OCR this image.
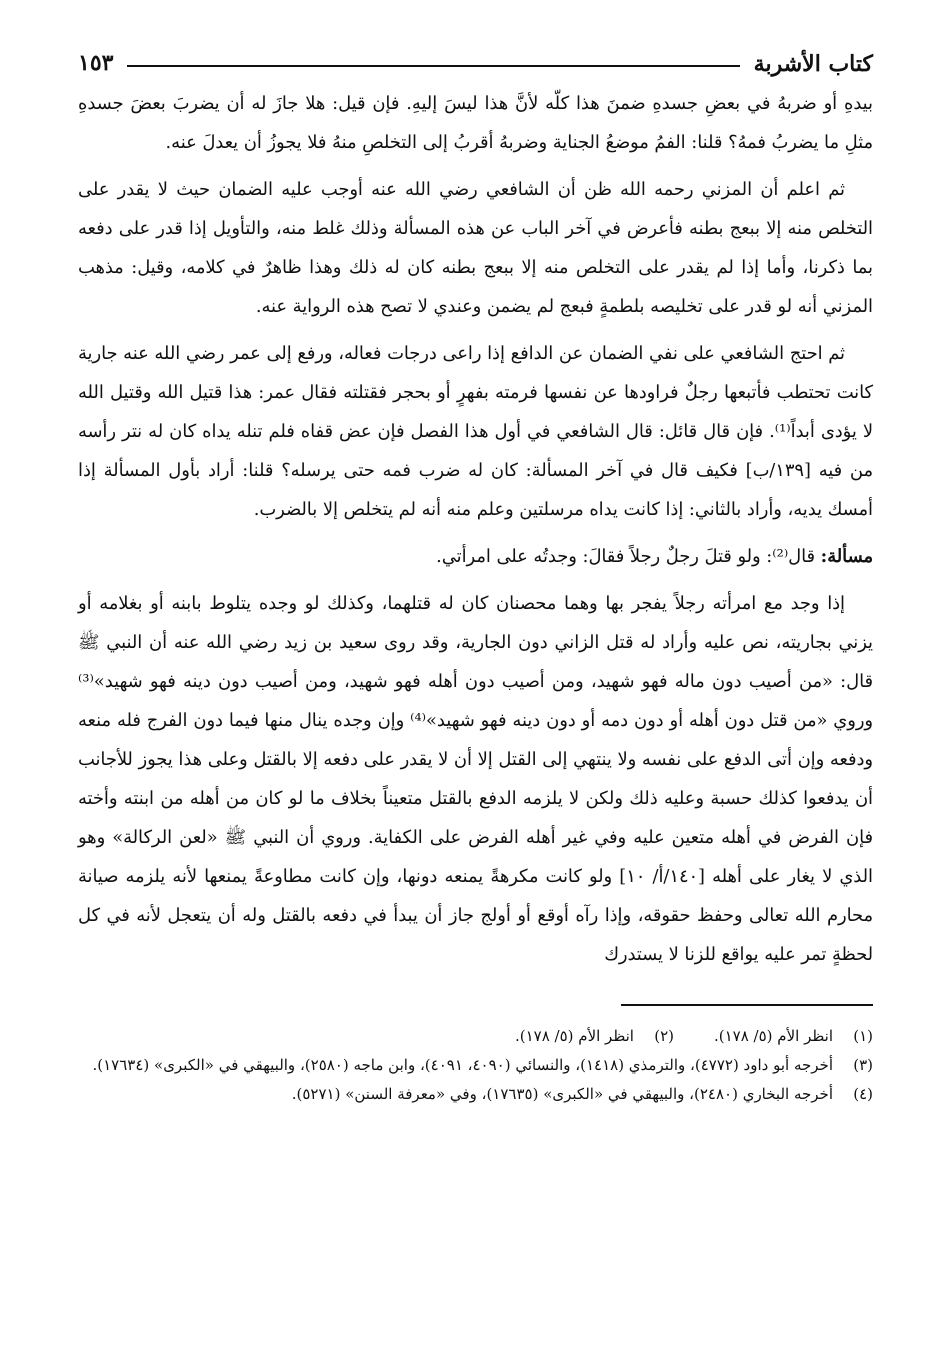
كتاب الأشربة
١٥٣

بيدهِ أو ضربهُ في بعضِ جسدهِ ضمنَ هذا كلّه لأنَّ هذا ليسَ إليهِ. فإن قيل: هلا جازَ له أن يضربَ بعضَ جسدهِ مثلِ ما يضربُ فمهُ؟ قلنا: الفمُ موضعُ الجناية وضربهُ أقربُ إلى التخلصِ منهُ فلا يجوزُ أن يعدلَ عنه.

ثم اعلم أن المزني رحمه الله ظن أن الشافعي رضي الله عنه أوجب عليه الضمان حيث لا يقدر على التخلص منه إلا ببعج بطنه فأعرض في آخر الباب عن هذه المسألة وذلك غلط منه، والتأويل إذا قدر على دفعه بما ذكرنا، وأما إذا لم يقدر على التخلص منه إلا ببعج بطنه كان له ذلك وهذا ظاهرٌ في كلامه، وقيل: مذهب المزني أنه لو قدر على تخليصه بلطمةٍ فبعج لم يضمن وعندي لا تصح هذه الرواية عنه.

ثم احتج الشافعي على نفي الضمان عن الدافع إذا راعى درجات فعاله، ورفع إلى عمر رضي الله عنه جارية كانت تحتطب فأتبعها رجلٌ فراودها عن نفسها فرمته بفهرٍ أو بحجر فقتلته فقال عمر: هذا قتيل الله وقتيل الله لا يؤدى أبداً⁽¹⁾. فإن قال قائل: قال الشافعي في أول هذا الفصل فإن عض قفاه فلم تنله يداه كان له نتر رأسه من فيه [١٣٩/ب] فكيف قال في آخر المسألة: كان له ضرب فمه حتى يرسله؟ قلنا: أراد بأول المسألة إذا أمسك يديه، وأراد بالثاني: إذا كانت يداه مرسلتين وعلم منه أنه لم يتخلص إلا بالضرب.

مسألة: قال⁽²⁾: ولو قتلَ رجلٌ رجلاً فقالَ: وجدتُه على امرأتي.

إذا وجد مع امرأته رجلاً يفجر بها وهما محصنان كان له قتلهما، وكذلك لو وجده يتلوط بابنه أو بغلامه أو يزني بجاريته، نص عليه وأراد له قتل الزاني دون الجارية، وقد روى سعيد بن زيد رضي الله عنه أن النبي ﷺ قال: «من أصيب دون ماله فهو شهيد، ومن أصيب دون أهله فهو شهيد، ومن أصيب دون دينه فهو شهيد»⁽³⁾ وروي «من قتل دون أهله أو دون دمه أو دون دينه فهو شهيد»⁽⁴⁾ وإن وجده ينال منها فيما دون الفرج فله منعه ودفعه وإن أتى الدفع على نفسه ولا ينتهي إلى القتل إلا أن لا يقدر على دفعه إلا بالقتل وعلى هذا يجوز للأجانب أن يدفعوا كذلك حسبة وعليه ذلك ولكن لا يلزمه الدفع بالقتل متعيناً بخلاف ما لو كان من أهله من ابنته وأخته فإن الفرض في أهله متعين عليه وفي غير أهله الفرض على الكفاية. وروي أن النبي ﷺ «لعن الركالة» وهو الذي لا يغار على أهله [١٤٠/أ/ ١٠] ولو كانت مكرهةً يمنعه دونها، وإن كانت مطاوعةً يمنعها لأنه يلزمه صيانة محارم الله تعالى وحفظ حقوقه، وإذا رآه أوقع أو أولج جاز أن يبدأ في دفعه بالقتل وله أن يتعجل لأنه في كل لحظةٍ تمر عليه يواقع للزنا لا يستدرك

(١)
انظر الأم (٥/ ١٧٨).
(٢)
انظر الأم (٥/ ١٧٨).
(٣)
أخرجه أبو داود (٤٧٧٢)، والترمذي (١٤١٨)، والنسائي (٤٠٩٠، ٤٠٩١)، وابن ماجه (٢٥٨٠)، والبيهقي في «الكبرى» (١٧٦٣٤).
(٤)
أخرجه البخاري (٢٤٨٠)، والبيهقي في «الكبرى» (١٧٦٣٥)، وفي «معرفة السنن» (٥٢٧١).
